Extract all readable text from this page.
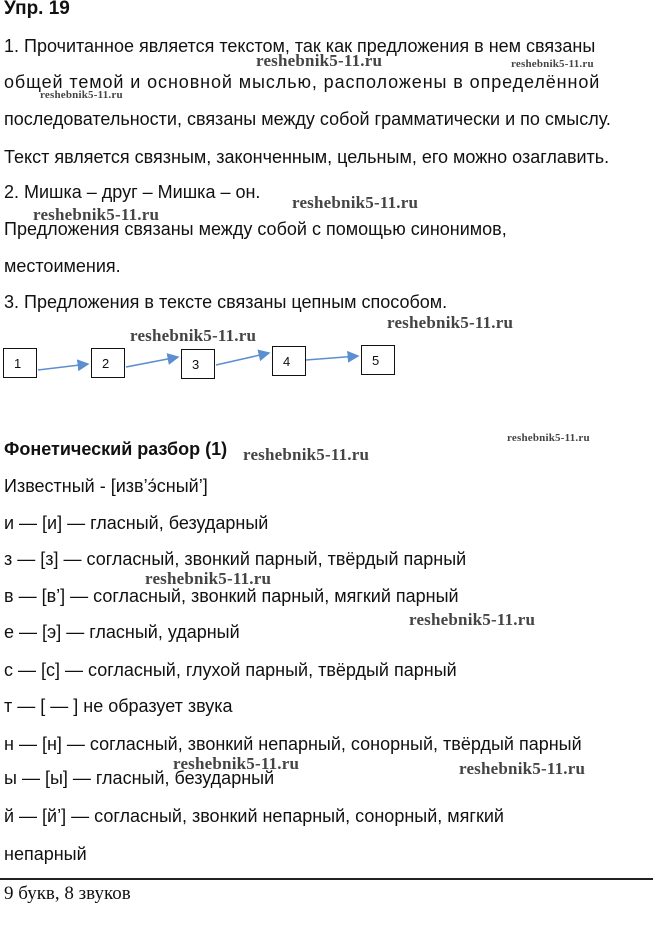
Упр. 19
1. Прочитанное является текстом, так как предложения в нем связаны
общей темой и основной мыслью, расположены в определённой
последовательности, связаны между собой грамматически и по смыслу.
Текст является связным, законченным, цельным, его можно озаглавить.
2. Мишка – друг – Мишка – он.
Предложения связаны между собой с помощью синонимов,
местоимения.
3. Предложения в тексте связаны цепным способом.
1	2	3	4	5
Фонетический разбор (1)
Известный - [изв’э́сный’]
и — [и] — гласный, безударный
з — [з] — согласный, звонкий парный, твёрдый парный
в — [в’] — согласный, звонкий парный, мягкий парный
е — [э] — гласный, ударный
с — [с] — согласный, глухой парный, твёрдый парный
т — [ — ] не образует звука
н — [н] — согласный, звонкий непарный, сонорный, твёрдый парный
ы — [ы] — гласный, безударный
й — [й’] — согласный, звонкий непарный, сонорный, мягкий
непарный
9 букв, 8 звуков
reshebnik5-11.ru	reshebnik5-11.ru
reshebnik5-11.ru
reshebnik5-11.ru
reshebnik5-11.ru
reshebnik5-11.ru
reshebnik5-11.ru
reshebnik5-11.ru
reshebnik5-11.ru
reshebnik5-11.ru
reshebnik5-11.ru
reshebnik5-11.ru	reshebnik5-11.ru
